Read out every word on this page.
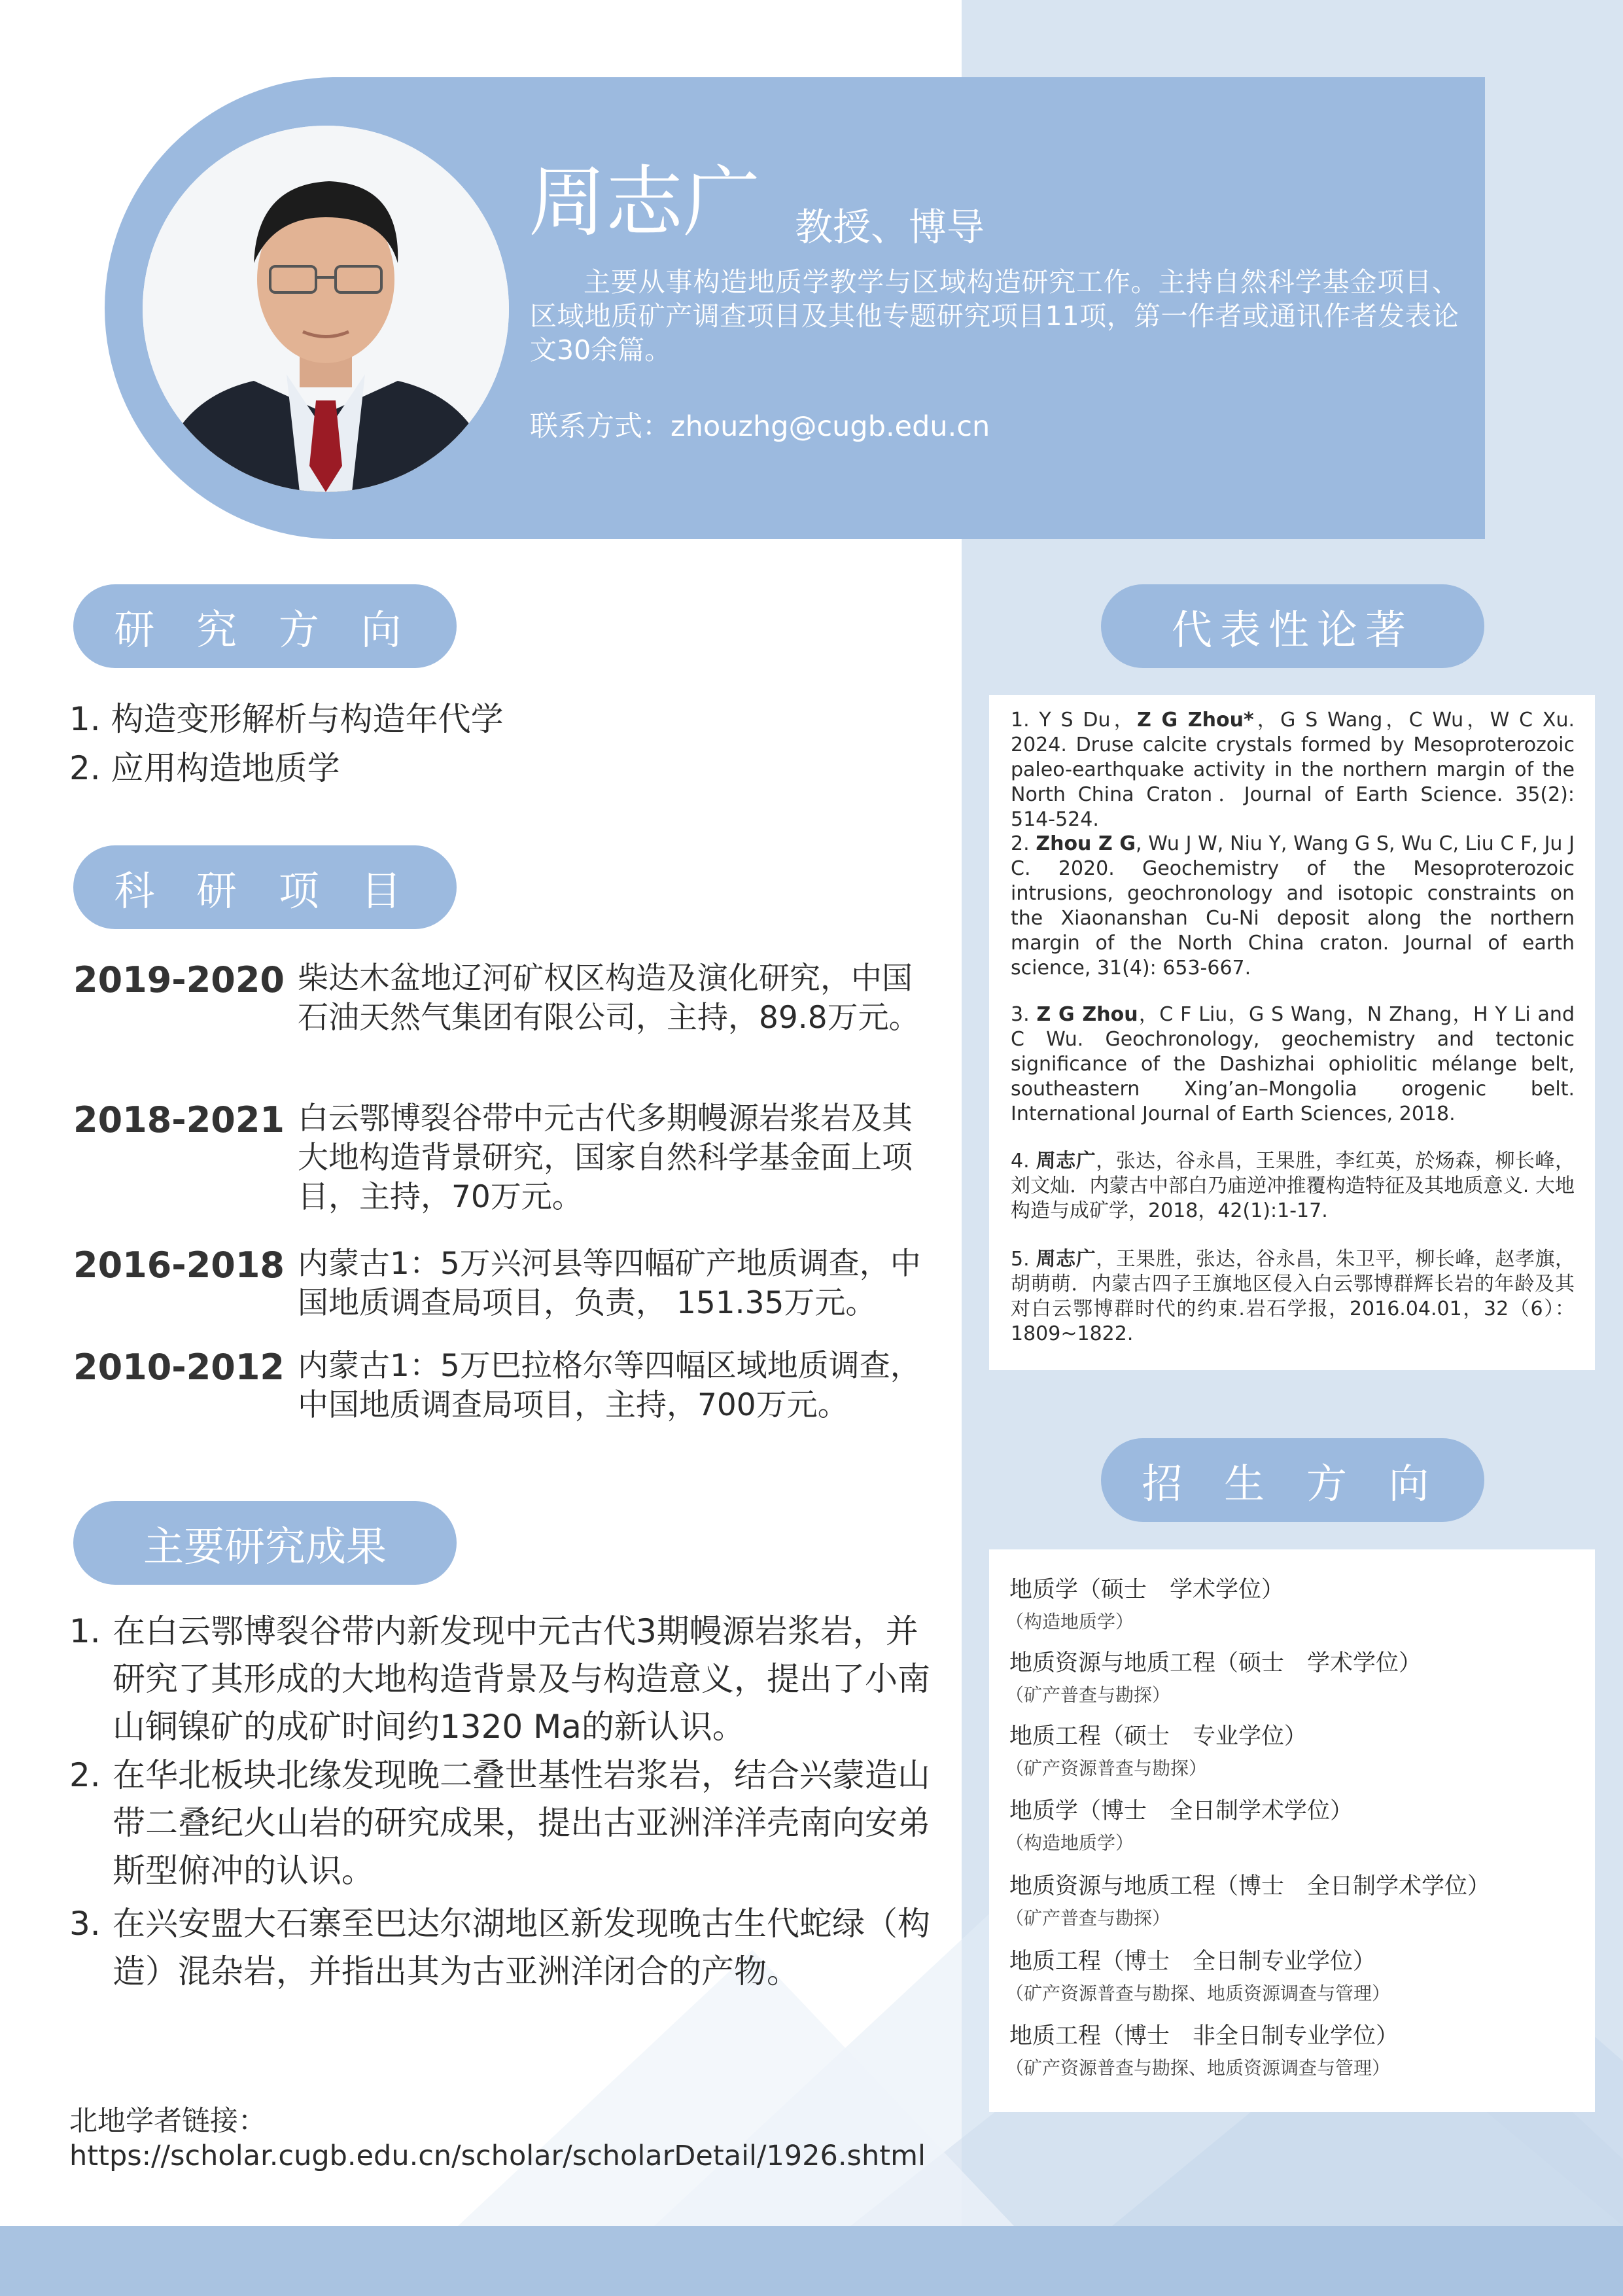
周志广 教授、博导
主要从事构造地质学教学与区域构造研究工作。主持自然科学基金项目、区域地质矿产调查项目及其他专题研究项目11项，第一作者或通讯作者发表论文30余篇。
联系方式：zhouzhg@cugb.edu.cn
研 究 方 向
1. 构造变形解析与构造年代学
2. 应用构造地质学
科 研 项 目
2019-2020 柴达木盆地辽河矿权区构造及演化研究，中国石油天然气集团有限公司，主持，89.8万元。
2018-2021 白云鄂博裂谷带中元古代多期幔源岩浆岩及其大地构造背景研究，国家自然科学基金面上项目，主持，70万元。
2016-2018 内蒙古1：5万兴河县等四幅矿产地质调查，中国地质调查局项目，负责， 151.35万元。
2010-2012 内蒙古1：5万巴拉格尔等四幅区域地质调查，中国地质调查局项目，主持，700万元。
主要研究成果
1. 在白云鄂博裂谷带内新发现中元古代3期幔源岩浆岩，并研究了其形成的大地构造背景及与构造意义，提出了小南山铜镍矿的成矿时间约1320 Ma的新认识。
2. 在华北板块北缘发现晚二叠世基性岩浆岩，结合兴蒙造山带二叠纪火山岩的研究成果，提出古亚洲洋洋壳南向安弟斯型俯冲的认识。
3. 在兴安盟大石寨至巴达尔湖地区新发现晚古生代蛇绿（构造）混杂岩，并指出其为古亚洲洋闭合的产物。
北地学者链接：
https://scholar.cugb.edu.cn/scholar/scholarDetail/1926.shtml
代表性论著
1. Y S Du，Z G Zhou*，G S Wang，C Wu，W C Xu. 2024. Druse calcite crystals formed by Mesoproterozoic paleo-earthquake activity in the northern margin of the North China Craton．Journal of Earth Science. 35(2): 514-524.
2. Zhou Z G, Wu J W, Niu Y, Wang G S, Wu C, Liu C F, Ju J C. 2020. Geochemistry of the Mesoproterozoic intrusions, geochronology and isotopic constraints on the Xiaonanshan Cu-Ni deposit along the northern margin of the North China craton. Journal of earth science, 31(4): 653-667.
3. Z G Zhou，C F Liu，G S Wang，N Zhang，H Y Li and C Wu. Geochronology, geochemistry and tectonic significance of the Dashizhai ophiolitic mélange belt, southeastern Xing’an–Mongolia orogenic belt. International Journal of Earth Sciences, 2018.
4. 周志广，张达，谷永昌，王果胜，李红英，於炀森，柳长峰，刘文灿．内蒙古中部白乃庙逆冲推覆构造特征及其地质意义. 大地构造与成矿学，2018，42(1):1-17.
5. 周志广，王果胜，张达，谷永昌，朱卫平，柳长峰，赵孝旗，胡萌萌．内蒙古四子王旗地区侵入白云鄂博群辉长岩的年龄及其对白云鄂博群时代的约束.岩石学报，2016.04.01，32（6）：1809~1822.
招 生 方 向
地质学（硕士　学术学位）
（构造地质学）
地质资源与地质工程（硕士　学术学位）
（矿产普查与勘探）
地质工程（硕士　专业学位）
（矿产资源普查与勘探）
地质学（博士　全日制学术学位）
（构造地质学）
地质资源与地质工程（博士　全日制学术学位）
（矿产普查与勘探）
地质工程（博士　全日制专业学位）
（矿产资源普查与勘探、地质资源调查与管理）
地质工程（博士　非全日制专业学位）
（矿产资源普查与勘探、地质资源调查与管理）
